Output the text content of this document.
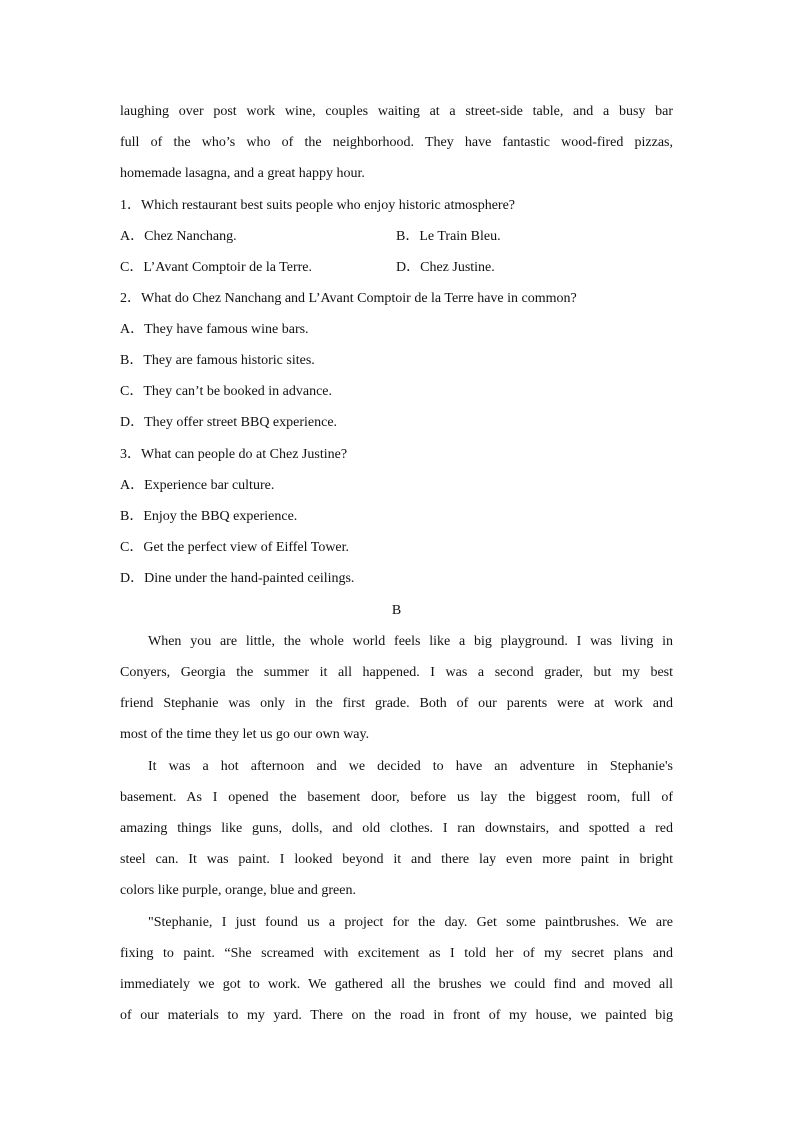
laughing over post work wine, couples waiting at a street-side table, and a busy bar
full of the who’s who of the neighborhood. They have fantastic wood-fired pizzas,
homemade lasagna, and a great happy hour.
1．Which restaurant best suits people who enjoy historic atmosphere?
A．Chez Nanchang.	B．Le Train Bleu.
C．L’Avant Comptoir de la Terre.	D．Chez Justine.
2．What do Chez Nanchang and L’Avant Comptoir de la Terre have in common?
A．They have famous wine bars.
B．They are famous historic sites.
C．They can’t be booked in advance.
D．They offer street BBQ experience.
3．What can people do at Chez Justine?
A．Experience bar culture.
B．Enjoy the BBQ experience.
C．Get the perfect view of Eiffel Tower.
D．Dine under the hand-painted ceilings.
B
When you are little, the whole world feels like a big playground. I was living in
Conyers, Georgia the summer it all happened. I was a second grader, but my best
friend Stephanie was only in the first grade. Both of our parents were at work and
most of the time they let us go our own way.
It was a hot afternoon and we decided to have an adventure in Stephanie's
basement. As I opened the basement door, before us lay the biggest room, full of
amazing things like guns, dolls, and old clothes. I ran downstairs, and spotted a red
steel can. It was paint. I looked beyond it and there lay even more paint in bright
colors like purple, orange, blue and green.
"Stephanie, I just found us a project for the day. Get some paintbrushes. We are
fixing to paint. “She screamed with excitement as I told her of my secret plans and
immediately we got to work. We gathered all the brushes we could find and moved all
of our materials to my yard. There on the road in front of my house, we painted big
